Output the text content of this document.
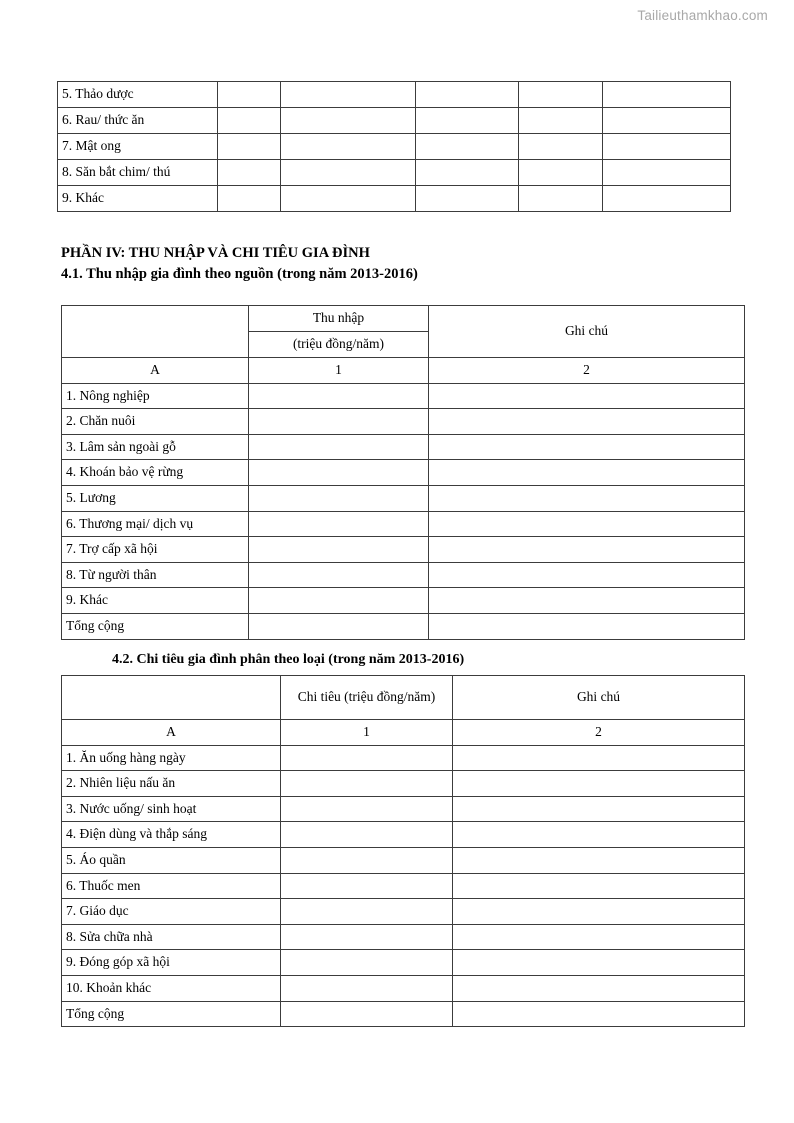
Tailieuthamkhao.com
5. Thảo dược					
6. Rau/ thức ăn					
7. Mật ong					
8. Săn bắt chim/ thú					
9. Khác					
PHẦN IV: THU NHẬP VÀ CHI TIÊU GIA ĐÌNH
4.1. Thu nhập gia đình theo nguồn (trong năm 2013-2016)
	Thu nhập	Ghi chú
	(triệu đồng/năm)	
A	1	2
1. Nông nghiệp		
2. Chăn nuôi		
3. Lâm sản ngoài gỗ		
4. Khoán bảo vệ rừng		
5. Lương		
6. Thương mại/ dịch vụ		
7. Trợ cấp xã hội		
8. Từ người thân		
9. Khác		
Tổng cộng		
4.2. Chi tiêu gia đình phân theo loại (trong năm 2013-2016)
	Chi tiêu (triệu đồng/năm)	Ghi chú
A	1	2
1. Ăn uống hàng ngày		
2. Nhiên liệu nấu ăn		
3. Nước uống/ sinh hoạt		
4. Điện dùng và thắp sáng		
5. Áo quần		
6. Thuốc men		
7. Giáo dục		
8. Sửa chữa nhà		
9. Đóng góp xã hội		
10. Khoản khác		
Tổng cộng		
